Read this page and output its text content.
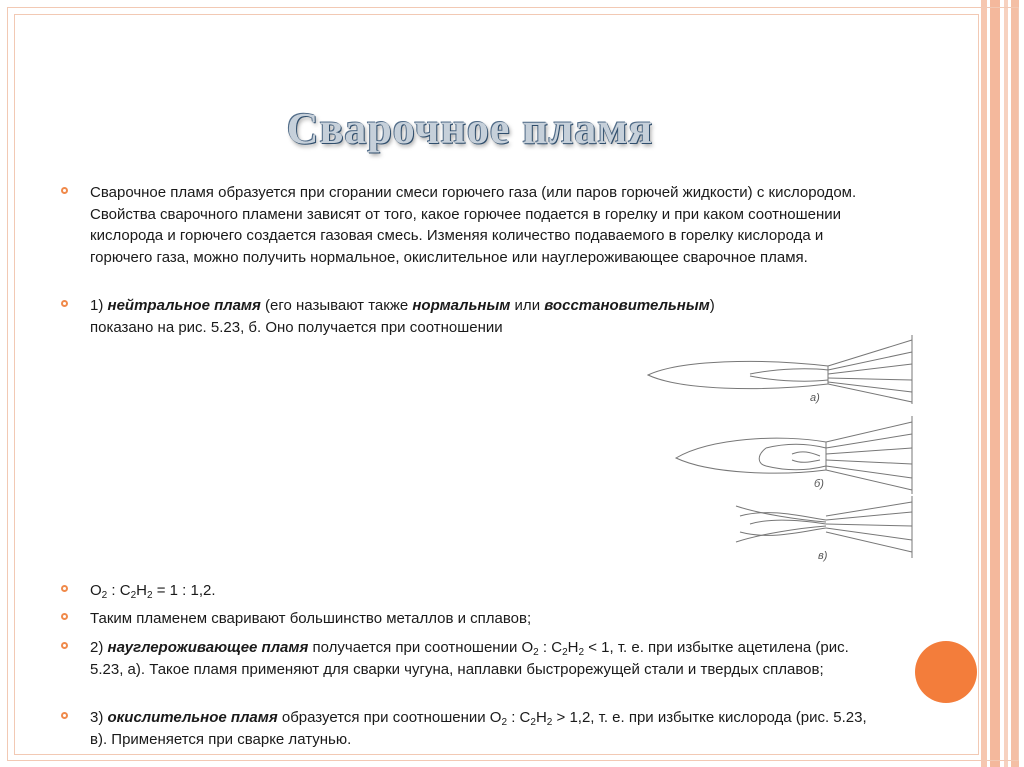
Сварочное пламя
Сварочное пламя образуется при сгорании смеси горючего газа (или паров горючей жидкости) с кислородом. Свойства сварочного пламени зависят от того, какое горючее подается в горелку и при каком соотношении кислорода и горючего создается газовая смесь. Изменяя количество подаваемого в горелку кислорода и горючего газа, можно получить нормальное, окислительное или науглероживающее сварочное пламя.
1) нейтральное пламя (его называют также нормальным или восстановительным)
показано на рис. 5.23, б. Оно получается при соотношении
а)
б)
в)
$O_2$ : $C_2H_2 = 1$ : 1,2.
Таким пламенем сваривают большинство металлов и сплавов;
2) науглероживающее пламя получается при соотношении $O_2$ : $C_2H_2 < 1$, т. е. при избытке ацетилена (рис. 5.23, а). Такое пламя применяют для сварки чугуна, наплавки быстрорежущей стали и твердых сплавов;
3) окислительное пламя образуется при соотношении $O_2$ : $C_2H_2 > 1,2$, т. е. при избытке кислорода (рис. 5.23, в). Применяется при сварке латунью.
